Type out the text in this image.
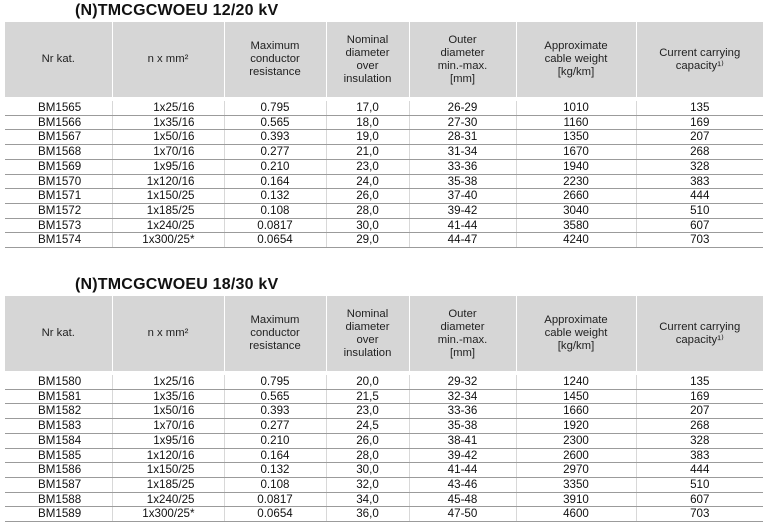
(N)TMCGCWOEU 12/20 kV
Nr kat.	n x mm²	Maximum
conductor
resistance	Nominal
diameter
over
insulation	Outer
diameter
min.-max.
[mm]	Approximate
cable weight
[kg/km]	Current carrying
capacity¹⁾

BM1565	1x25/16	0.795	17,0	26-29	1010	135
BM1566	1x35/16	0.565	18,0	27-30	1160	169
BM1567	1x50/16	0.393	19,0	28-31	1350	207
BM1568	1x70/16	0.277	21,0	31-34	1670	268
BM1569	1x95/16	0.210	23,0	33-36	1940	328
BM1570	1x120/16	0.164	24,0	35-38	2230	383
BM1571	1x150/25	0.132	26,0	37-40	2660	444
BM1572	1x185/25	0.108	28,0	39-42	3040	510
BM1573	1x240/25	0.0817	30,0	41-44	3580	607
BM1574	1x300/25*	0.0654	29,0	44-47	4240	703
(N)TMCGCWOEU 18/30 kV
Nr kat.	n x mm²	Maximum
conductor
resistance	Nominal
diameter
over
insulation	Outer
diameter
min.-max.
[mm]	Approximate
cable weight
[kg/km]	Current carrying
capacity¹⁾

BM1580	1x25/16	0.795	20,0	29-32	1240	135
BM1581	1x35/16	0.565	21,5	32-34	1450	169
BM1582	1x50/16	0.393	23,0	33-36	1660	207
BM1583	1x70/16	0.277	24,5	35-38	1920	268
BM1584	1x95/16	0.210	26,0	38-41	2300	328
BM1585	1x120/16	0.164	28,0	39-42	2600	383
BM1586	1x150/25	0.132	30,0	41-44	2970	444
BM1587	1x185/25	0.108	32,0	43-46	3350	510
BM1588	1x240/25	0.0817	34,0	45-48	3910	607
BM1589	1x300/25*	0.0654	36,0	47-50	4600	703
